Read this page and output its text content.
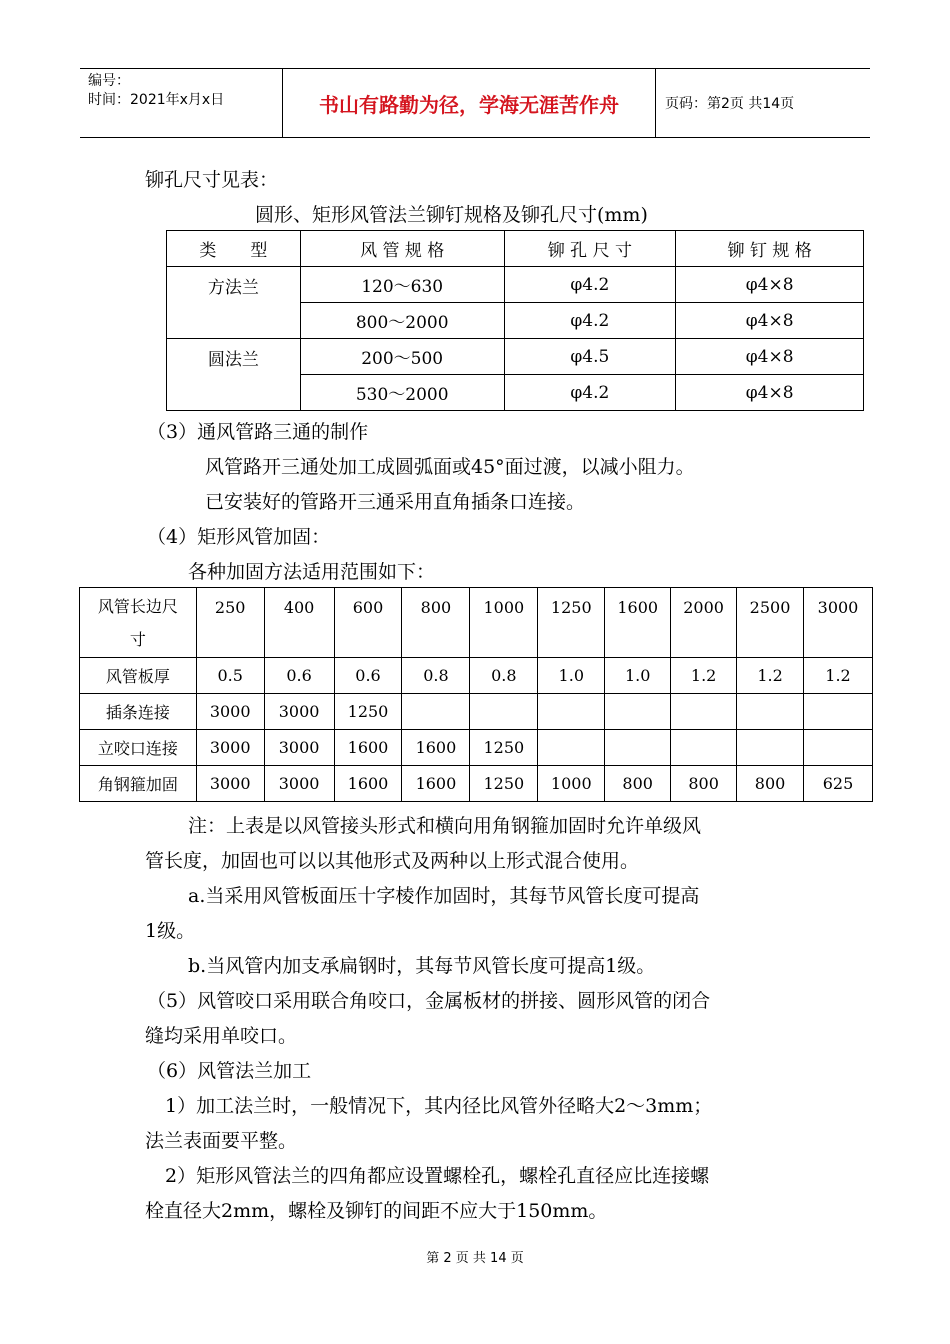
编号：
时间：2021年x月x日	书山有路勤为径，学海无涯苦作舟	页码：第2页 共14页
铆孔尺寸见表：
圆形、矩形风管法兰铆钉规格及铆孔尺寸(mm)
类　　型	风 管 规 格	铆 孔 尺 寸	铆 钉 规 格
方法兰	120～630	φ4.2	φ4×8
	800～2000	φ4.2	φ4×8
圆法兰	200～500	φ4.5	φ4×8
	530～2000	φ4.2	φ4×8
（3）通风管路三通的制作
风管路开三通处加工成圆弧面或45°面过渡，以减小阻力。
已安装好的管路开三通采用直角插条口连接。
（4）矩形风管加固：
各种加固方法适用范围如下：
风管长边尺
寸	250	400	600	800	1000	1250	1600	2000	2500	3000
风管板厚	0.5	0.6	0.6	0.8	0.8	1.0	1.0	1.2	1.2	1.2
插条连接	3000	3000	1250							
立咬口连接	3000	3000	1600	1600	1250					
角钢箍加固	3000	3000	1600	1600	1250	1000	800	800	800	625
注：上表是以风管接头形式和横向用角钢箍加固时允许单级风
管长度，加固也可以以其他形式及两种以上形式混合使用。
a.当采用风管板面压十字棱作加固时，其每节风管长度可提高
1级。
b.当风管内加支承扁钢时，其每节风管长度可提高1级。
（5）风管咬口采用联合角咬口，金属板材的拼接、圆形风管的闭合
缝均采用单咬口。
（6）风管法兰加工
1）加工法兰时，一般情况下，其内径比风管外径略大2～3mm；
法兰表面要平整。
2）矩形风管法兰的四角都应设置螺栓孔，螺栓孔直径应比连接螺
栓直径大2mm，螺栓及铆钉的间距不应大于150mm。
第 2 页 共 14 页
